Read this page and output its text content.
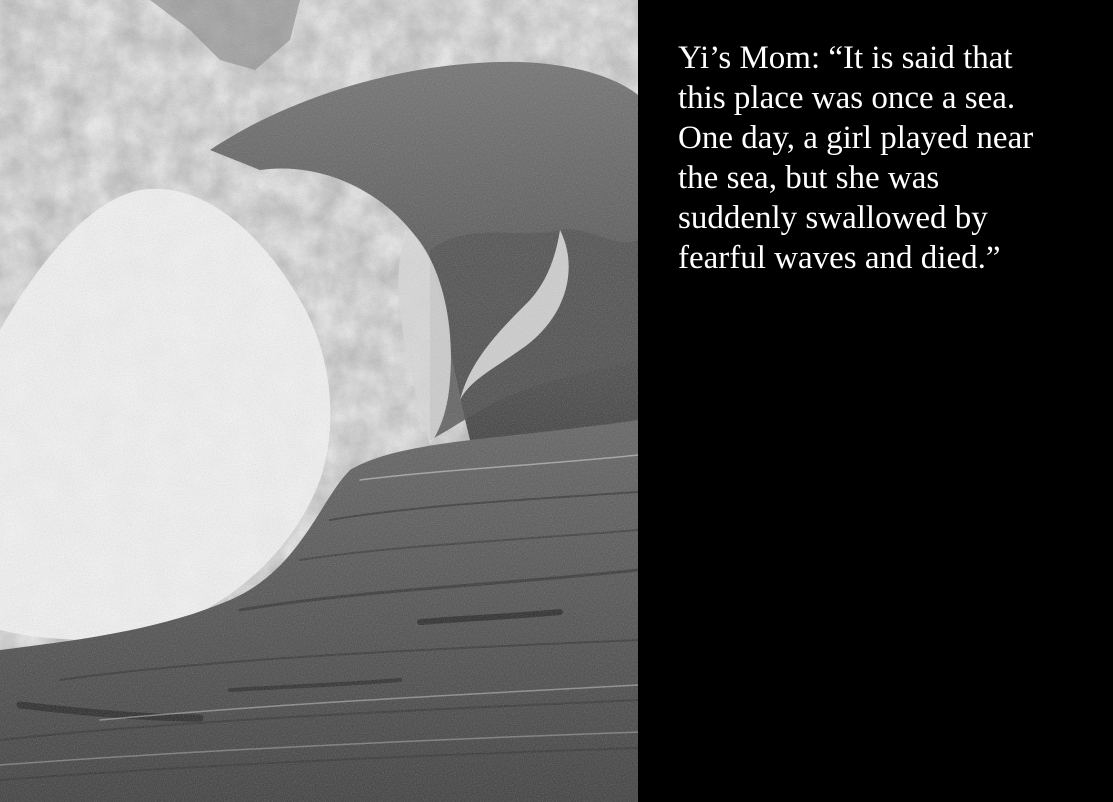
Yi’s Mom: “It is said that
this place was once a sea.
One day, a girl played near
the sea, but she was
suddenly swallowed by
fearful waves and died.”
